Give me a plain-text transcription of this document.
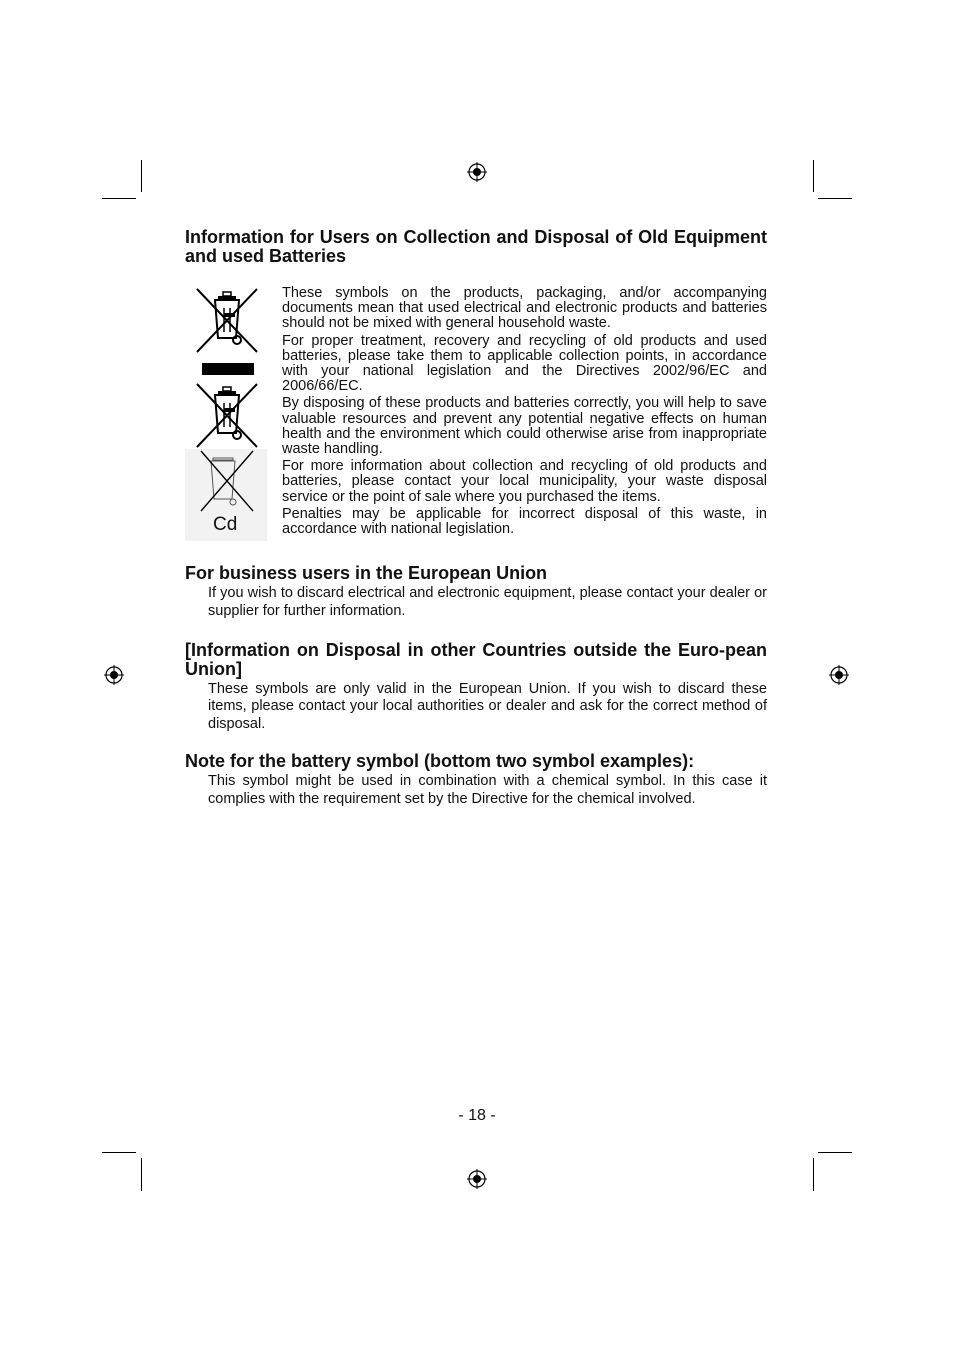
Information for Users on Collection and Disposal of Old Equipment and used Batteries
Cd

These symbols on the products, packaging, and/or accompanying documents mean that used electrical and electronic products and batteries should not be mixed with general household waste.

For proper treatment, recovery and recycling of old products and used batteries, please take them to applicable collection points, in accordance with your national legislation and the Directives 2002/96/EC and 2006/66/EC.

By disposing of these products and batteries correctly, you will help to save valuable resources and prevent any potential negative effects on human health and the environment which could otherwise arise from inappropriate waste handling.

For more information about collection and recycling of old products and batteries, please contact your local municipality, your waste disposal service or the point of sale where you purchased the items.

Penalties may be applicable for incorrect disposal of this waste, in accordance with national legislation.

For business users in the European Union

If you wish to discard electrical and electronic equipment, please contact your dealer or supplier for further information.

[Information on Disposal in other Countries outside the Euro-pean Union]

These symbols are only valid in the European Union. If you wish to discard these items, please contact your local authorities or dealer and ask for the correct method of disposal.

Note for the battery symbol (bottom two symbol examples):

This symbol might be used in combination with a chemical symbol. In this case it complies with the requirement set by the Directive for the chemical involved.

- 18 -
